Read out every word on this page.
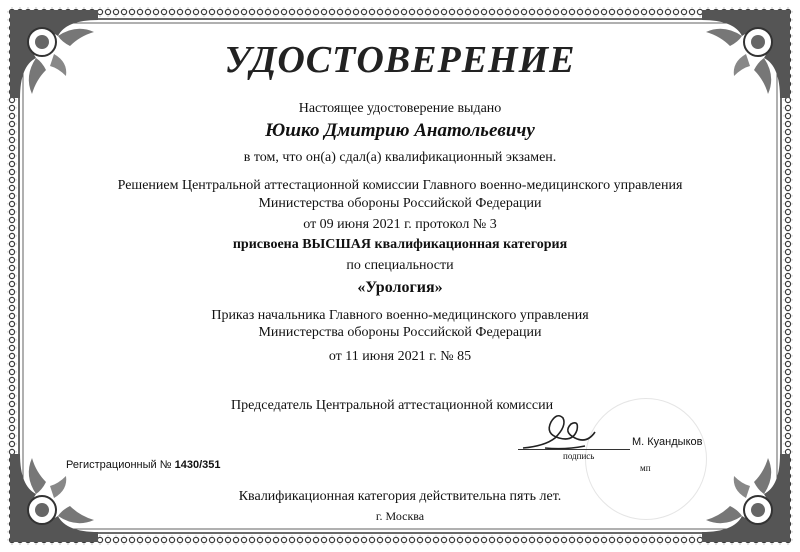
УДОСТОВЕРЕНИЕ
Настоящее удостоверение выдано
Юшко Дмитрию Анатольевичу
в том, что он(а) сдал(а) квалификационный экзамен.
Решением Центральной аттестационной комиссии Главного военно-медицинского управления
Министерства обороны Российской Федерации
от 09 июня 2021 г. протокол № 3
присвоена ВЫСШАЯ квалификационная категория
по специальности
«Урология»
Приказ начальника Главного военно-медицинского управления
Министерства обороны Российской Федерации
от 11 июня 2021 г. № 85
Председатель Центральной аттестационной комиссии
подпись
М. Куандыков
мп
Регистрационный № 1430/351
Квалификационная категория действительна пять лет.
г. Москва
